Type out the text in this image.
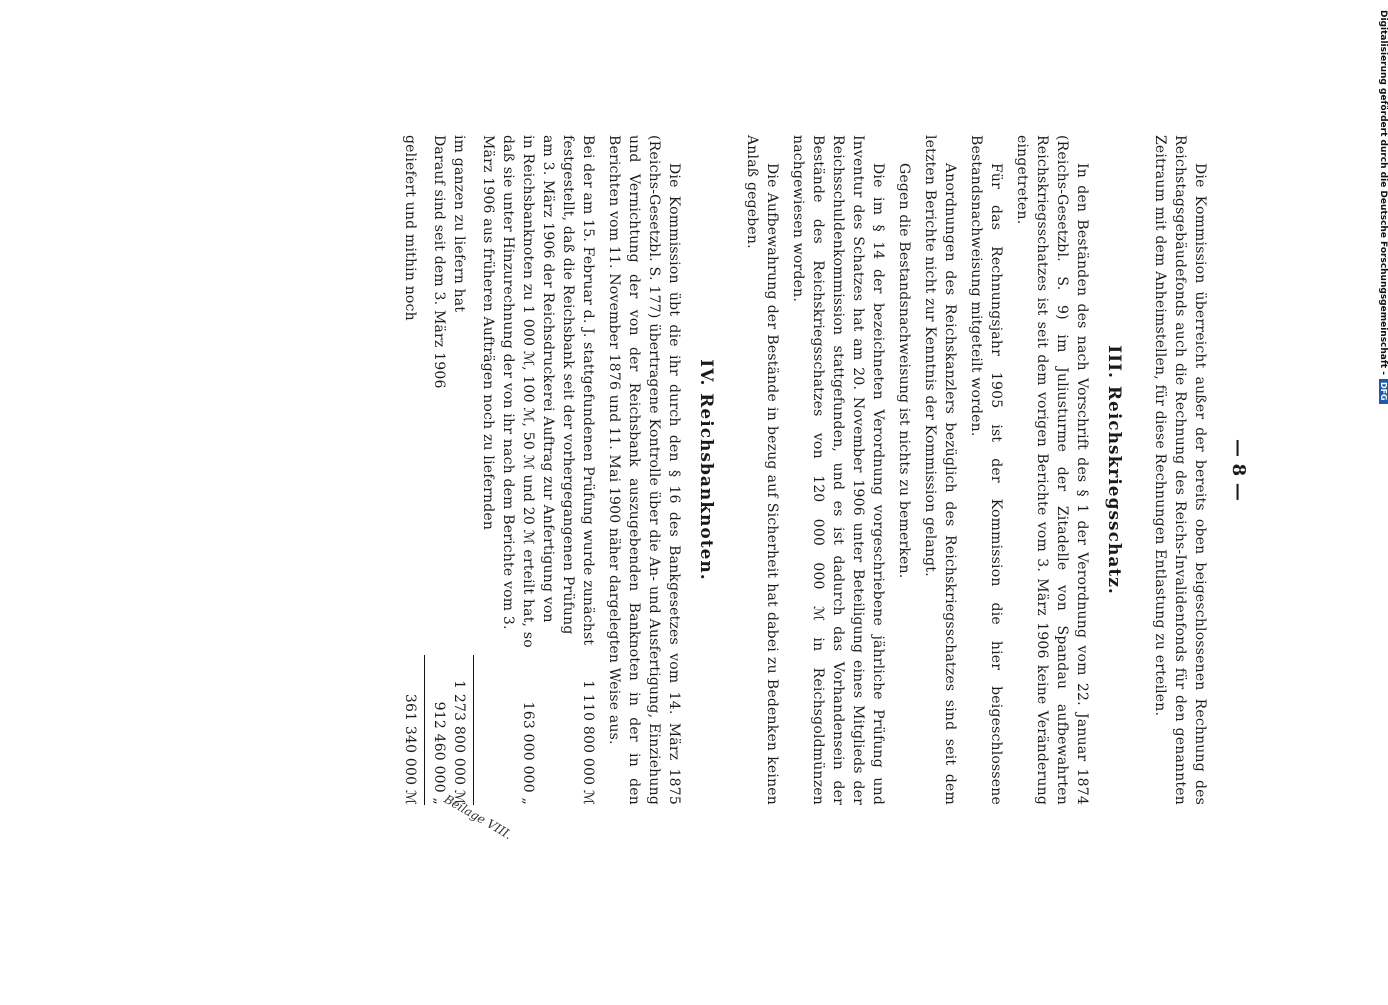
— 8 —

Die Kommission überreicht außer der bereits oben beigeschlossenen Rechnung des Reichstagsgebäudefonds auch die Rechnung des Reichs-Invalidenfonds für den genannten Zeitraum mit dem Anheimstellen, für diese Rechnungen Entlastung zu erteilen.

III. Reichskriegsschatz.

In den Beständen des nach Vorschrift des § 1 der Verordnung vom 22. Januar 1874 (Reichs-Gesetzbl. S. 9) im Juliusturme der Zitadelle von Spandau aufbewahrten Reichskriegsschatzes ist seit dem vorigen Berichte vom 3. März 1906 keine Veränderung eingetreten.

Für das Rechnungsjahr 1905 ist der Kommission die hier beigeschlossene Bestandsnachweisung mitgeteilt worden.

Anordnungen des Reichskanzlers bezüglich des Reichskriegsschatzes sind seit dem letzten Berichte nicht zur Kenntnis der Kommission gelangt.

Gegen die Bestandsnachweisung ist nichts zu bemerken.

Die im § 14 der bezeichneten Verordnung vorgeschriebene jährliche Prüfung und Inventur des Schatzes hat am 20. November 1906 unter Beteiligung eines Mitglieds der Reichsschuldenkommission stattgefunden, und es ist dadurch das Vorhandensein der Bestände des Reichskriegsschatzes von 120 000 000 ℳ in Reichsgoldmünzen nachgewiesen worden.

Die Aufbewahrung der Bestände in bezug auf Sicherheit hat dabei zu Bedenken keinen Anlaß gegeben.

IV. Reichsbanknoten.

Die Kommission übt die ihr durch den § 16 des Bankgesetzes vom 14. März 1875 (Reichs-Gesetzbl. S. 177) übertragene Kontrolle über die An- und Ausfertigung, Einziehung und Vernichtung der von der Reichsbank auszugebenden Banknoten in der in den Berichten vom 11. November 1876 und 11. Mai 1900 näher dargelegten Weise aus.

Bei der am 15. Februar d. J. stattgefundenen Prüfung wurde zunächst festgestellt, daß die Reichsbank seit der vorhergegangenen Prüfung am 3. März 1906 der Reichsdruckerei Auftrag zur Anfertigung von
1 110 800 000 ℳ
in Reichsbanknoten zu 1 000 ℳ, 100 ℳ, 50 ℳ und 20 ℳ erteilt hat, so daß sie unter Hinzurechnung der von ihr nach dem Berichte vom 3. März 1906 aus früheren Aufträgen noch zu liefernden
163 000 000 „
im ganzen zu liefern hat
1 273 800 000 ℳ
Darauf sind seit dem 3. März 1906
912 460 000 „
geliefert und mithin noch
361 340 000 ℳ
Beilage VIII.
Digitalisierung gefördert durch die Deutsche Forschungsgemeinschaft -DFG
